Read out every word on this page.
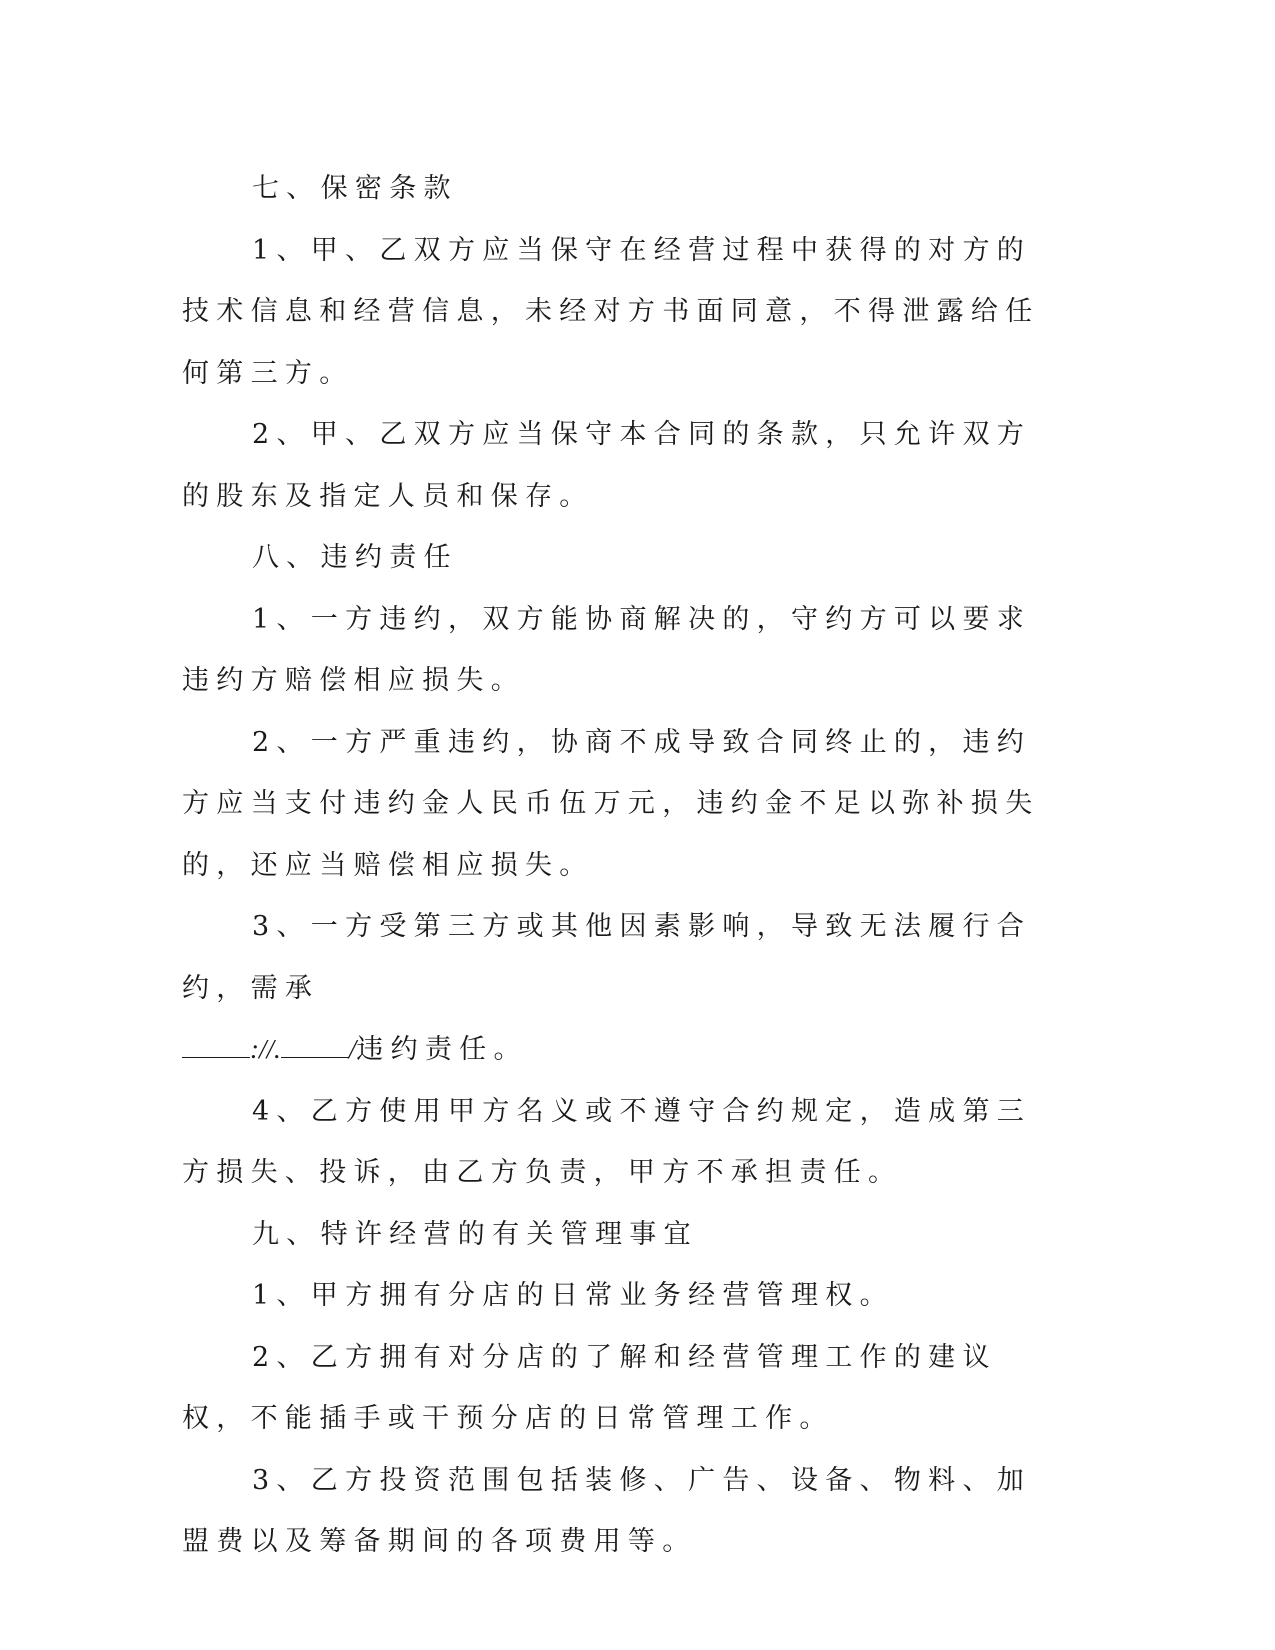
七、保密条款

1、甲、乙双方应当保守在经营过程中获得的对方的技术信息和经营信息，未经对方书面同意，不得泄露给任何第三方。

2、甲、乙双方应当保守本合同的条款，只允许双方的股东及指定人员和保存。

八、违约责任

1、一方违约，双方能协商解决的，守约方可以要求违约方赔偿相应损失。

2、一方严重违约，协商不成导致合同终止的，违约方应当支付违约金人民币伍万元，违约金不足以弥补损失的，还应当赔偿相应损失。

3、一方受第三方或其他因素影响，导致无法履行合约，需承

://.	/违约责任。

4、乙方使用甲方名义或不遵守合约规定，造成第三方损失、投诉，由乙方负责，甲方不承担责任。

九、特许经营的有关管理事宜

1、甲方拥有分店的日常业务经营管理权。

2、乙方拥有对分店的了解和经营管理工作的建议权，不能插手或干预分店的日常管理工作。

3、乙方投资范围包括装修、广告、设备、物料、加盟费以及筹备期间的各项费用等。
